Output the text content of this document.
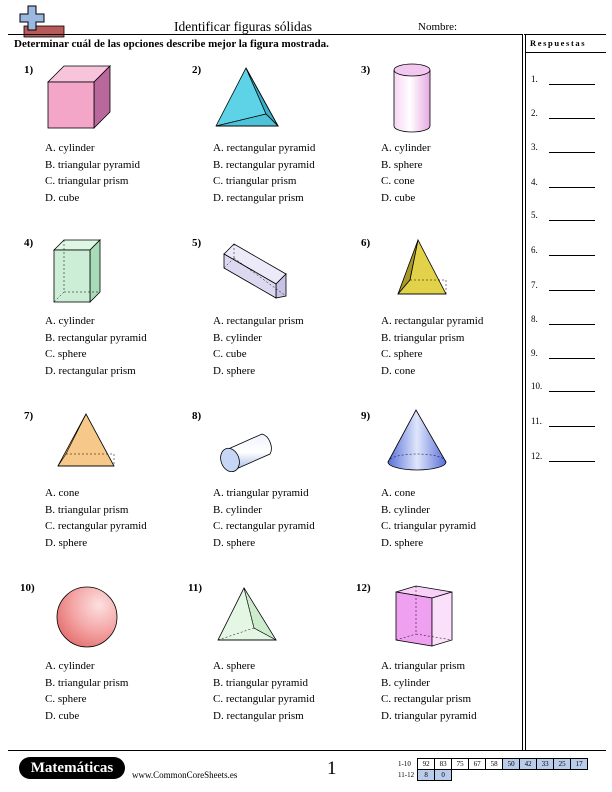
Identificar figuras sólidas	Nombre:
Determinar cuál de las opciones describe mejor la figura mostrada.	Respuestas
1.
2.
3.
4.
5.
6.
7.
8.
9.
10.
11.
12.
1)
A. cylinder
B. triangular pyramid
C. triangular prism
D. cube
2)
A. rectangular pyramid
B. rectangular pyramid
C. triangular prism
D. rectangular prism
3)
A. cylinder
B. sphere
C. cone
D. cube
4)
A. cylinder
B. rectangular pyramid
C. sphere
D. rectangular prism
5)
A. rectangular prism
B. cylinder
C. cube
D. sphere
6)
A. rectangular pyramid
B. triangular prism
C. sphere
D. cone
7)
A. cone
B. triangular prism
C. rectangular pyramid
D. sphere
8)
A. triangular pyramid
B. cylinder
C. rectangular pyramid
D. sphere
9)
A. cone
B. cylinder
C. triangular pyramid
D. sphere
10)
A. cylinder
B. triangular prism
C. sphere
D. cube
11)
A. sphere
B. triangular pyramid
C. rectangular pyramid
D. rectangular prism
12)
A. triangular prism
B. cylinder
C. rectangular prism
D. triangular pyramid
Matemáticas	www.CommonCoreSheets.es	1	1-10	92	83	75	67	58	50	42	33	25	17
11-12	8	0								
